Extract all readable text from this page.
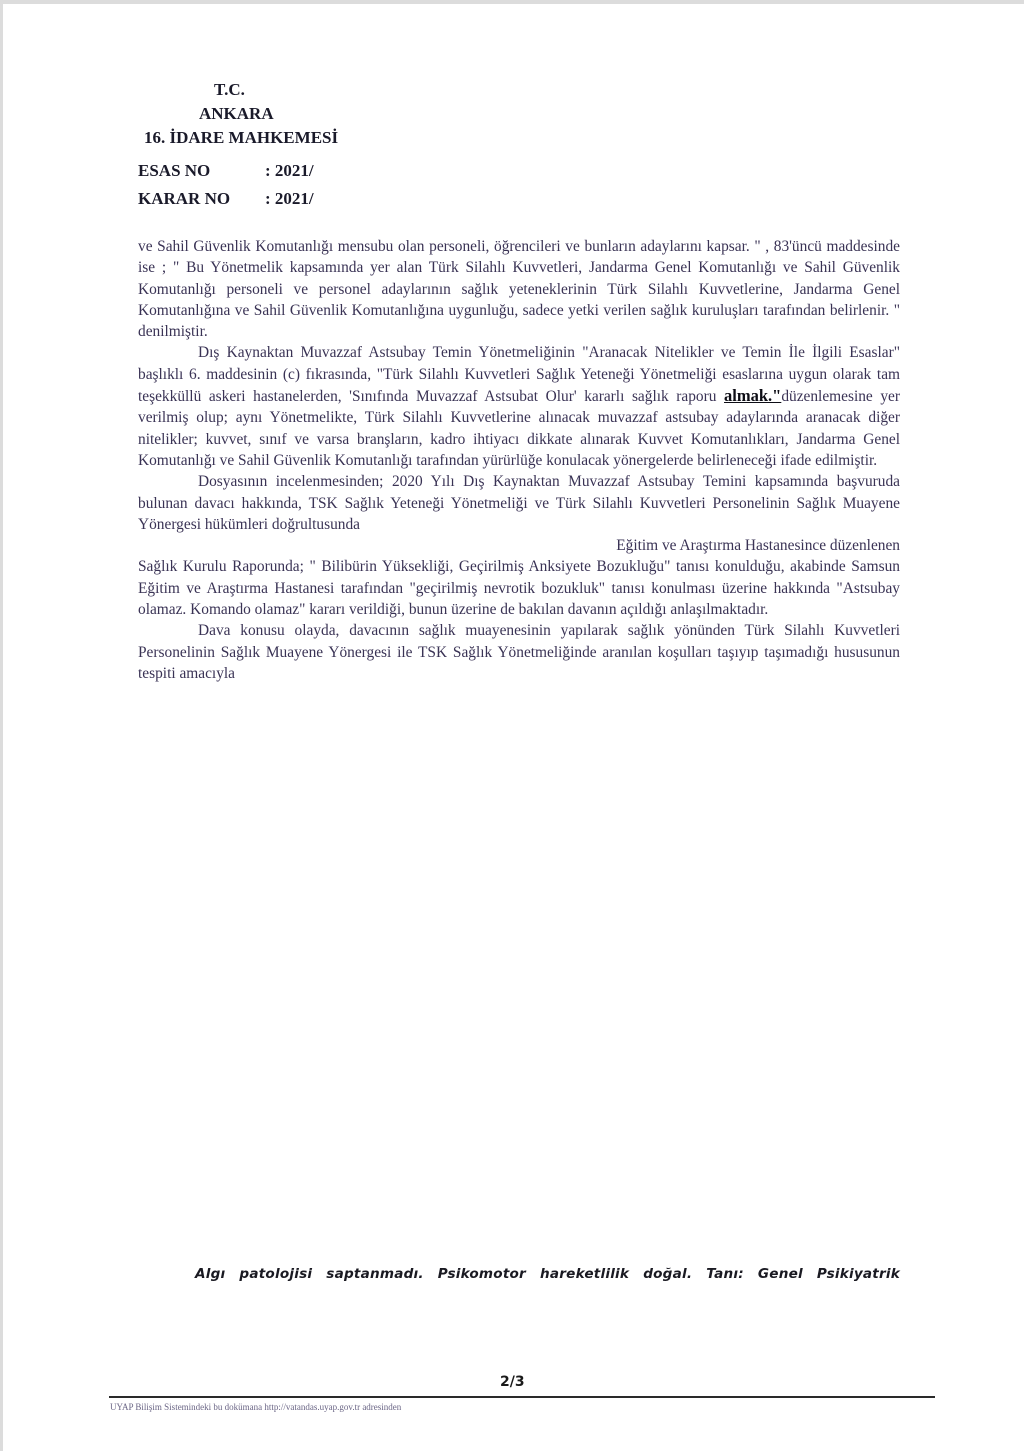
T.C.
ANKARA
16. İDARE MAHKEMESİ
ESAS NO	: 2021/
KARAR NO	: 2021/

ve Sahil Güvenlik Komutanlığı mensubu olan personeli, öğrencileri ve bunların adaylarını kapsar. " , 83'üncü maddesinde ise ; " Bu Yönetmelik kapsamında yer alan Türk Silahlı Kuvvetleri, Jandarma Genel Komutanlığı ve Sahil Güvenlik Komutanlığı personeli ve personel adaylarının sağlık yeteneklerinin Türk Silahlı Kuvvetlerine, Jandarma Genel Komutanlığına ve Sahil Güvenlik Komutanlığına uygunluğu, sadece yetki verilen sağlık kuruluşları tarafından belirlenir. " denilmiştir.

Dış Kaynaktan Muvazzaf Astsubay Temin Yönetmeliğinin "Aranacak Nitelikler ve Temin İle İlgili Esaslar" başlıklı 6. maddesinin (c) fıkrasında, "Türk Silahlı Kuvvetleri Sağlık Yeteneği Yönetmeliği esaslarına uygun olarak tam teşekküllü askeri hastanelerden, 'Sınıfında Muvazzaf Astsubat Olur' kararlı sağlık raporu almak."düzenlemesine yer verilmiş olup; aynı Yönetmelikte, Türk Silahlı Kuvvetlerine alınacak muvazzaf astsubay adaylarında aranacak diğer nitelikler; kuvvet, sınıf ve varsa branşların, kadro ihtiyacı dikkate alınarak Kuvvet Komutanlıkları, Jandarma Genel Komutanlığı ve Sahil Güvenlik Komutanlığı tarafından yürürlüğe konulacak yönergelerde belirleneceği ifade edilmiştir.

Dosyasının incelenmesinden; 2020 Yılı Dış Kaynaktan Muvazzaf Astsubay Temini kapsamında başvuruda bulunan davacı hakkında, TSK Sağlık Yeteneği Yönetmeliği ve Türk Silahlı Kuvvetleri Personelinin Sağlık Muayene Yönergesi hükümleri doğrultusunda

Eğitim ve Araştırma Hastanesince düzenlenen

Sağlık Kurulu Raporunda; " Bilibürin Yüksekliği, Geçirilmiş Anksiyete Bozukluğu" tanısı konulduğu, akabinde Samsun Eğitim ve Araştırma Hastanesi tarafından "geçirilmiş nevrotik bozukluk" tanısı konulması üzerine hakkında "Astsubay olamaz. Komando olamaz" kararı verildiği, bunun üzerine de bakılan davanın açıldığı anlaşılmaktadır.

Dava konusu olayda, davacının sağlık muayenesinin yapılarak sağlık yönünden Türk Silahlı Kuvvetleri Personelinin Sağlık Muayene Yönergesi ile TSK Sağlık Yönetmeliğinde aranılan koşulları taşıyıp taşımadığı hususunun tespiti amacıyla

Algı patolojisi saptanmadı. Psikomotor hareketlilik doğal. Tanı: Genel Psikiyatrik
2/3
UYAP Bilişim Sistemindeki bu dokümana http://vatandas.uyap.gov.tr adresinden
